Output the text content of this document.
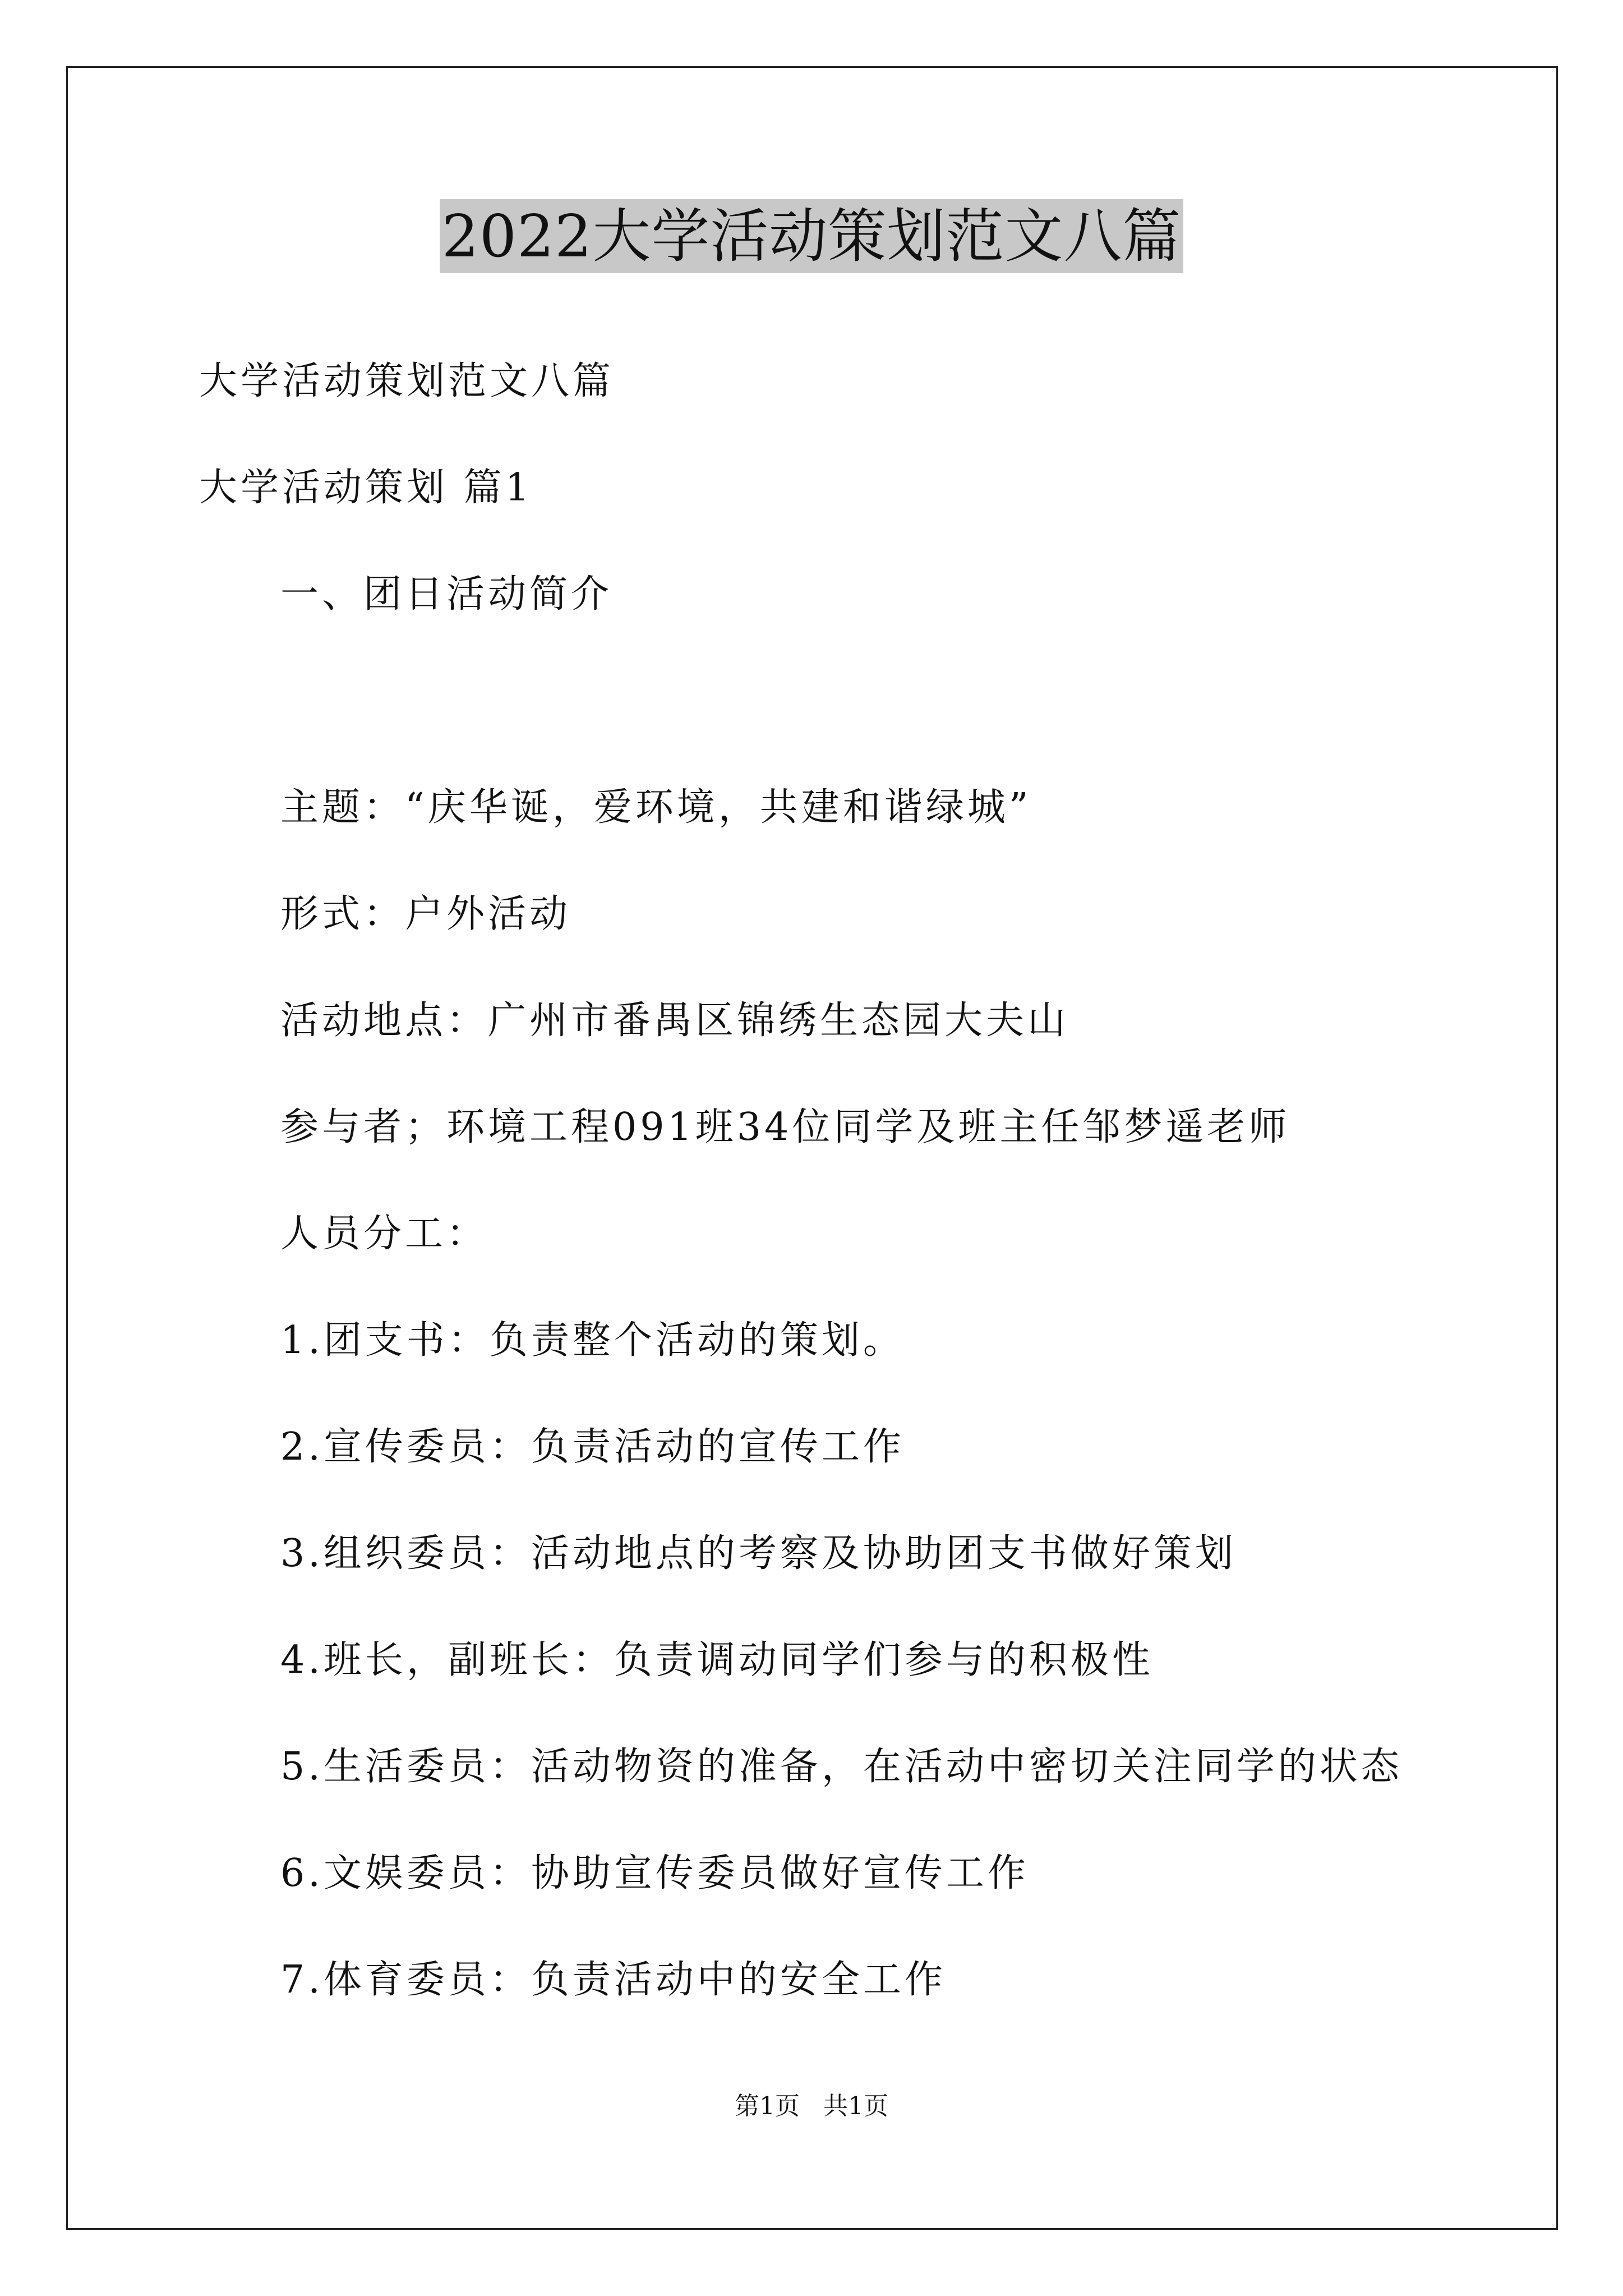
2022大学活动策划范文八篇
大学活动策划范文八篇
大学活动策划 篇1
一、团日活动简介
主题：“庆华诞，爱环境，共建和谐绿城”
形式：户外活动
活动地点：广州市番禺区锦绣生态园大夫山
参与者；环境工程091班34位同学及班主任邹梦遥老师
人员分工：
1.团支书：负责整个活动的策划。
2.宣传委员：负责活动的宣传工作
3.组织委员：活动地点的考察及协助团支书做好策划
4.班长，副班长：负责调动同学们参与的积极性
5.生活委员：活动物资的准备，在活动中密切关注同学的状态
6.文娱委员：协助宣传委员做好宣传工作
7.体育委员：负责活动中的安全工作
第1页 共1页
